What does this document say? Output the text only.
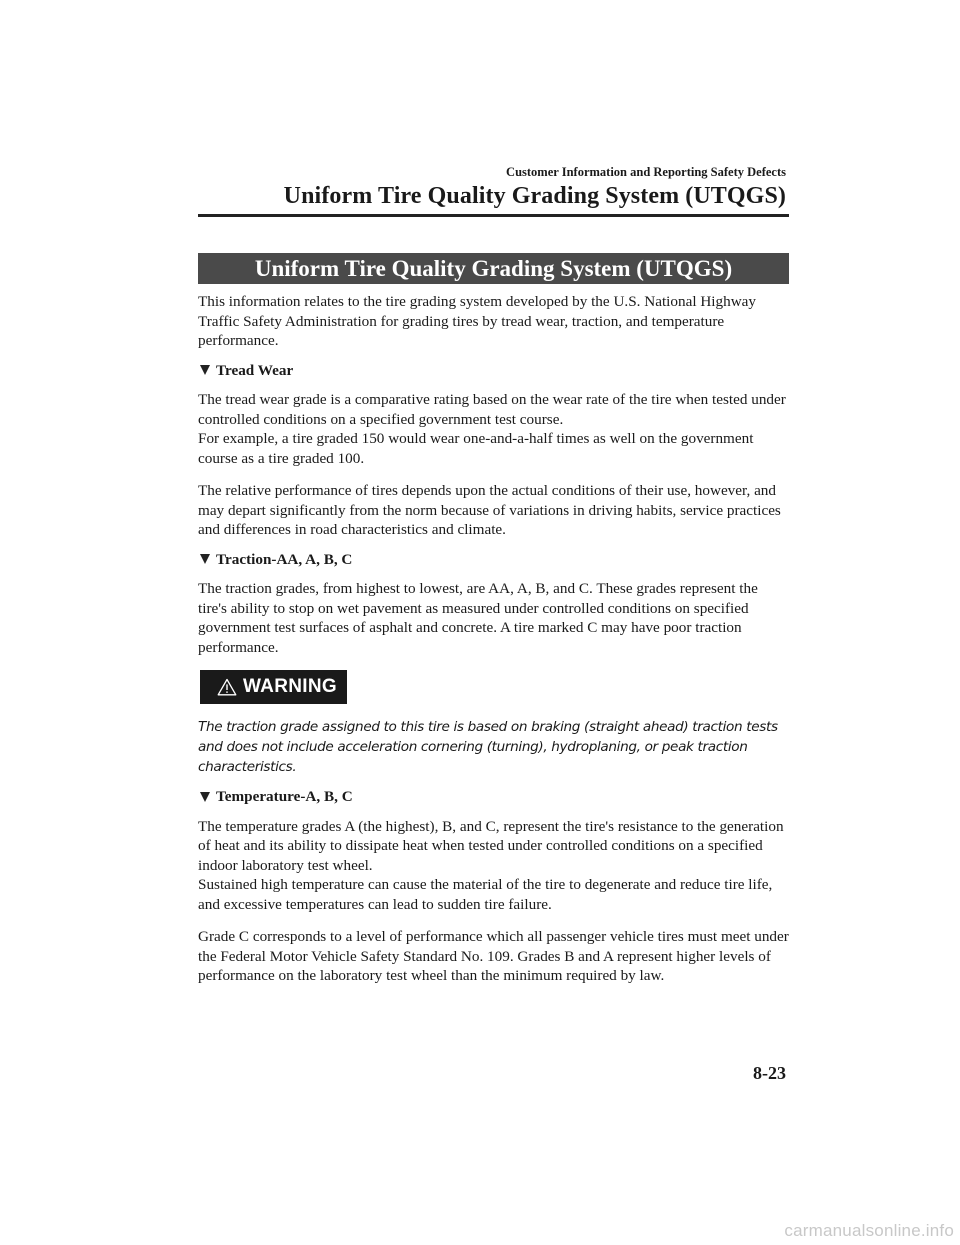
Customer Information and Reporting Safety Defects
Uniform Tire Quality Grading System (UTQGS)
Uniform Tire Quality Grading System (UTQGS)

This information relates to the tire grading system developed by the U.S. National Highway Traffic Safety Administration for grading tires by tread wear, traction, and temperature performance.

Tread Wear

The tread wear grade is a comparative rating based on the wear rate of the tire when tested under controlled conditions on a specified government test course.

For example, a tire graded 150 would wear one-and-a-half times as well on the government course as a tire graded 100.

The relative performance of tires depends upon the actual conditions of their use, however, and may depart significantly from the norm because of variations in driving habits, service practices and differences in road characteristics and climate.

Traction-AA, A, B, C

The traction grades, from highest to lowest, are AA, A, B, and C. These grades represent the tire's ability to stop on wet pavement as measured under controlled conditions on specified government test surfaces of asphalt and concrete. A tire marked C may have poor traction performance.

WARNING

The traction grade assigned to this tire is based on braking (straight ahead) traction tests and does not include acceleration cornering (turning), hydroplaning, or peak traction characteristics.

Temperature-A, B, C

The temperature grades A (the highest), B, and C, represent the tire's resistance to the generation of heat and its ability to dissipate heat when tested under controlled conditions on a specified indoor laboratory test wheel.

Sustained high temperature can cause the material of the tire to degenerate and reduce tire life, and excessive temperatures can lead to sudden tire failure.

Grade C corresponds to a level of performance which all passenger vehicle tires must meet under the Federal Motor Vehicle Safety Standard No. 109. Grades B and A represent higher levels of performance on the laboratory test wheel than the minimum required by law.

8-23
carmanualsonline.info
